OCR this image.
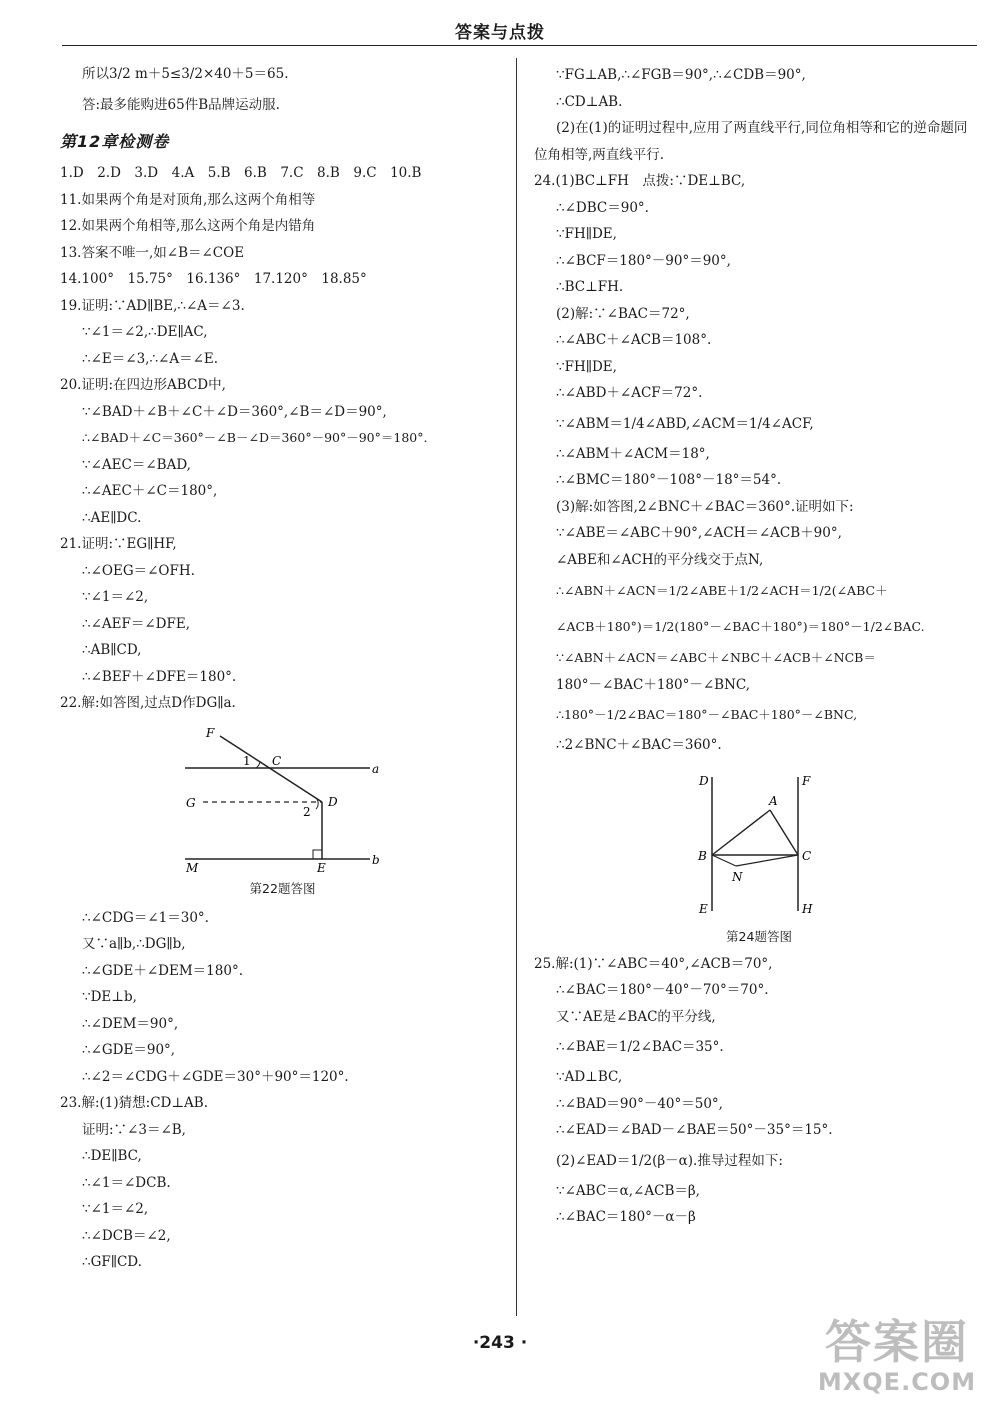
答案与点拨
所以3/2 m＋5≤3/2×40＋5＝65.
答:最多能购进65件B品牌运动服.
第12章检测卷
1.D　2.D　3.D　4.A　5.B　6.B　7.C　8.B　9.C　10.B
11.如果两个角是对顶角,那么这两个角相等
12.如果两个角相等,那么这两个角是内错角
13.答案不唯一,如∠B＝∠COE
14.100°　15.75°　16.136°　17.120°　18.85°
19.证明:∵AD∥BE,∴∠A＝∠3.
∵∠1＝∠2,∴DE∥AC,
∴∠E＝∠3,∴∠A＝∠E.
20.证明:在四边形ABCD中,
∵∠BAD＋∠B＋∠C＋∠D＝360°,∠B＝∠D＝90°,
∴∠BAD＋∠C＝360°－∠B－∠D＝360°－90°－90°＝180°.
∵∠AEC＝∠BAD,
∴∠AEC＋∠C＝180°,
∴AE∥DC.
21.证明:∵EG∥HF,
∴∠OEG＝∠OFH.
∵∠1＝∠2,
∴∠AEF＝∠DFE,
∴AB∥CD,
∴∠BEF＋∠DFE＝180°.
22.解:如答图,过点D作DG∥a.
F
C
a
1
G
2
D
M	E
b
第22题答图
∴∠CDG＝∠1＝30°.
又∵a∥b,∴DG∥b,
∴∠GDE＋∠DEM＝180°.
∵DE⊥b,
∴∠DEM＝90°,
∴∠GDE＝90°,
∴∠2＝∠CDG＋∠GDE＝30°＋90°＝120°.
23.解:(1)猜想:CD⊥AB.
证明:∵∠3＝∠B,
∴DE∥BC,
∴∠1＝∠DCB.
∵∠1＝∠2,
∴∠DCB＝∠2,
∴GF∥CD.
∵FG⊥AB,∴∠FGB＝90°,∴∠CDB＝90°,
∴CD⊥AB.
(2)在(1)的证明过程中,应用了两直线平行,同位角相等和它的逆命题同位角相等,两直线平行.
24.(1)BC⊥FH　点拨:∵DE⊥BC,
∴∠DBC＝90°.
∵FH∥DE,
∴∠BCF＝180°－90°＝90°,
∴BC⊥FH.
(2)解:∵∠BAC＝72°,
∴∠ABC＋∠ACB＝108°.
∵FH∥DE,
∴∠ABD＋∠ACF＝72°.
∵∠ABM＝1/4∠ABD,∠ACM＝1/4∠ACF,
∴∠ABM＋∠ACM＝18°,
∴∠BMC＝180°－108°－18°＝54°.
(3)解:如答图,2∠BNC＋∠BAC＝360°.证明如下:
∵∠ABE＝∠ABC＋90°,∠ACH＝∠ACB＋90°,
∠ABE和∠ACH的平分线交于点N,
∴∠ABN＋∠ACN＝1/2∠ABE＋1/2∠ACH＝1/2(∠ABC＋
∠ACB＋180°)＝1/2(180°－∠BAC＋180°)＝180°－1/2∠BAC.
∵∠ABN＋∠ACN＝∠ABC＋∠NBC＋∠ACB＋∠NCB＝
180°－∠BAC＋180°－∠BNC,
∴180°－1/2∠BAC＝180°－∠BAC＋180°－∠BNC,
∴2∠BNC＋∠BAC＝360°.
D	F
A
B	C
N
E	H
第24题答图
25.解:(1)∵∠ABC＝40°,∠ACB＝70°,
∴∠BAC＝180°－40°－70°＝70°.
又∵AE是∠BAC的平分线,
∴∠BAE＝1/2∠BAC＝35°.
∵AD⊥BC,
∴∠BAD＝90°－40°＝50°,
∴∠EAD＝∠BAD－∠BAE＝50°－35°＝15°.
(2)∠EAD＝1/2(β－α).推导过程如下:
∵∠ABC＝α,∠ACB＝β,
∴∠BAC＝180°－α－β
·243 ·	答案圈
MXQE.COM
